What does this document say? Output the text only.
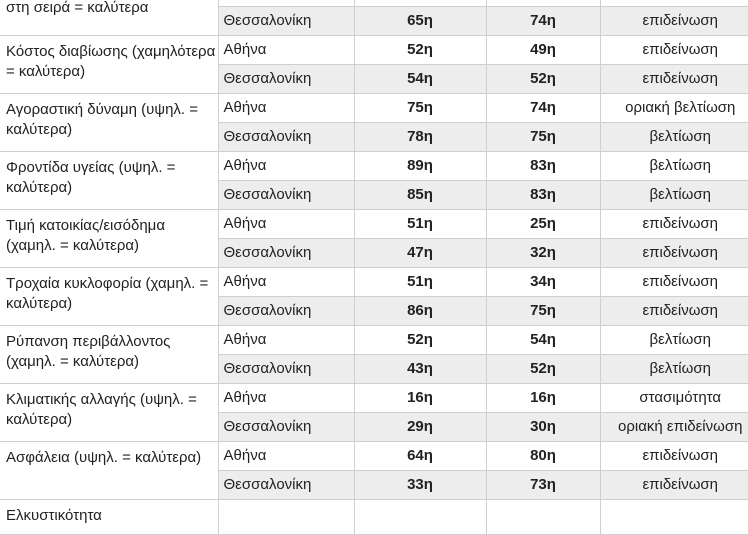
στη σειρά = καλύτερα				
	Θεσσαλονίκη	65η	74η	επιδείνωση
Κόστος διαβίωσης (χαμηλότερα = καλύτερα)	Αθήνα	52η	49η	επιδείνωση
	Θεσσαλονίκη	54η	52η	επιδείνωση
Αγοραστική δύναμη (υψηλ. = καλύτερα)	Αθήνα	75η	74η	οριακή βελτίωση
	Θεσσαλονίκη	78η	75η	βελτίωση
Φροντίδα υγείας (υψηλ. = καλύτερα)	Αθήνα	89η	83η	βελτίωση
	Θεσσαλονίκη	85η	83η	βελτίωση
Τιμή κατοικίας/εισόδημα (χαμηλ. = καλύτερα)	Αθήνα	51η	25η	επιδείνωση
	Θεσσαλονίκη	47η	32η	επιδείνωση
Τροχαία κυκλοφορία (χαμηλ. = καλύτερα)	Αθήνα	51η	34η	επιδείνωση
	Θεσσαλονίκη	86η	75η	επιδείνωση
Ρύπανση περιβάλλοντος (χαμηλ. = καλύτερα)	Αθήνα	52η	54η	βελτίωση
	Θεσσαλονίκη	43η	52η	βελτίωση
Κλιματικής αλλαγής (υψηλ. = καλύτερα)	Αθήνα	16η	16η	στασιμότητα
	Θεσσαλονίκη	29η	30η	οριακή επιδείνωση
Ασφάλεια (υψηλ. = καλύτερα)	Αθήνα	64η	80η	επιδείνωση
	Θεσσαλονίκη	33η	73η	επιδείνωση
Ελκυστικότητα				
